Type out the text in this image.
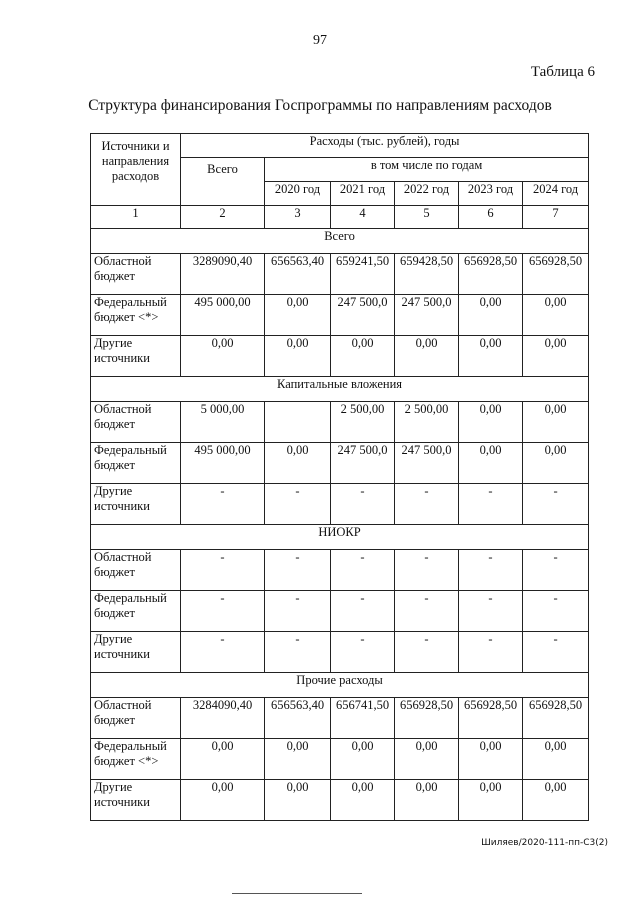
97
Таблица 6
Структура финансирования Госпрограммы по направлениям расходов
Источники и направления расходов	Расходы (тыс. рублей), годы					
	Всего	в том числе по годам				
		2020 год	2021 год	2022 год	2023 год	2024 год
1	2	3	4	5	6	7
Всего						
Областной бюджет	3289090,40	656563,40	659241,50	659428,50	656928,50	656928,50
Федеральный бюджет <*>	495 000,00	0,00	247 500,0	247 500,0	0,00	0,00
Другие источники	0,00	0,00	0,00	0,00	0,00	0,00
Капитальные вложения						
Областной бюджет	5 000,00		2 500,00	2 500,00	0,00	0,00
Федеральный бюджет	495 000,00	0,00	247 500,0	247 500,0	0,00	0,00
Другие источники	-	-	-	-	-	-
НИОКР						
Областной бюджет	-	-	-	-	-	-
Федеральный бюджет	-	-	-	-	-	-
Другие источники	-	-	-	-	-	-
Прочие расходы						
Областной бюджет	3284090,40	656563,40	656741,50	656928,50	656928,50	656928,50
Федеральный бюджет <*>	0,00	0,00	0,00	0,00	0,00	0,00
Другие источники	0,00	0,00	0,00	0,00	0,00	0,00
Шиляев/2020-111-пп-С3(2)
